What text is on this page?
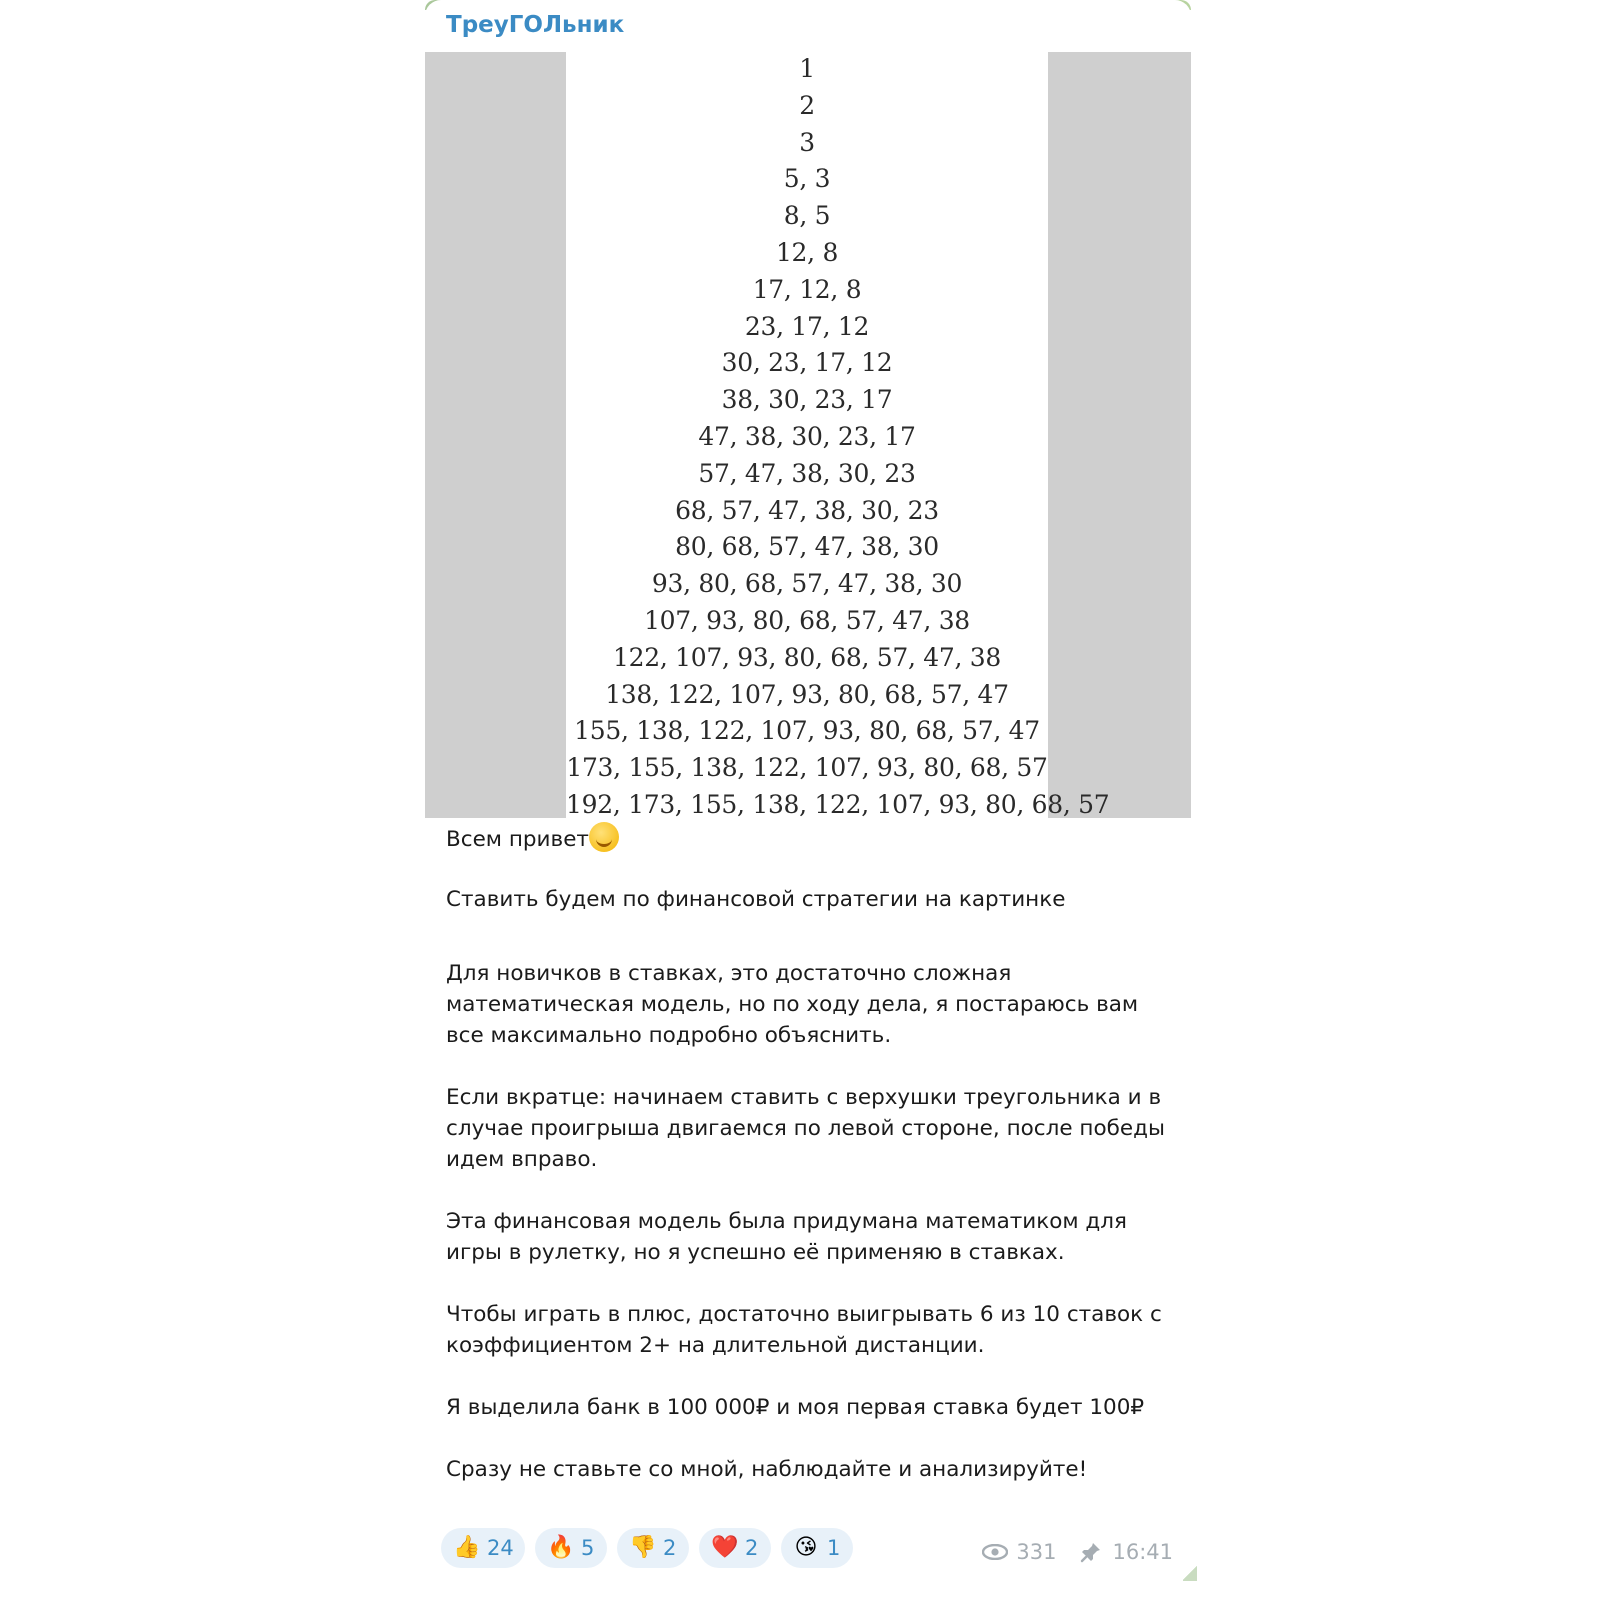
ТреуГОЛьник
1
2
3
5, 3
8, 5
12, 8
17, 12, 8
23, 17, 12
30, 23, 17, 12
38, 30, 23, 17
47, 38, 30, 23, 17
57, 47, 38, 30, 23
68, 57, 47, 38, 30, 23
80, 68, 57, 47, 38, 30
93, 80, 68, 57, 47, 38, 30
107, 93, 80, 68, 57, 47, 38
122, 107, 93, 80, 68, 57, 47, 38
138, 122, 107, 93, 80, 68, 57, 47
155, 138, 122, 107, 93, 80, 68, 57, 47
173, 155, 138, 122, 107, 93, 80, 68, 57
192, 173, 155, 138, 122, 107, 93, 80, 68, 57
Всем привет
Ставить будем по финансовой стратегии на картинке
Для новичков в ставках, это достаточно сложная математическая модель, но по ходу дела, я постараюсь вам все максимально подробно объяснить.
Если вкратце: начинаем ставить с верхушки треугольника и в случае проигрыша двигаемся по левой стороне, после победы идем вправо.
Эта финансовая модель была придумана математиком для игры в рулетку, но я успешно её применяю в ставках.
Чтобы играть в плюс, достаточно выигрывать 6 из 10 ставок с коэффициентом 2+ на длительной дистанции.
Я выделила банк в 100 000₽ и моя первая ставка будет 100₽
Сразу не ставьте со мной, наблюдайте и анализируйте!
👍 24 🔥 5 👎 2 ❤️ 2 😘 1	331	16:41
